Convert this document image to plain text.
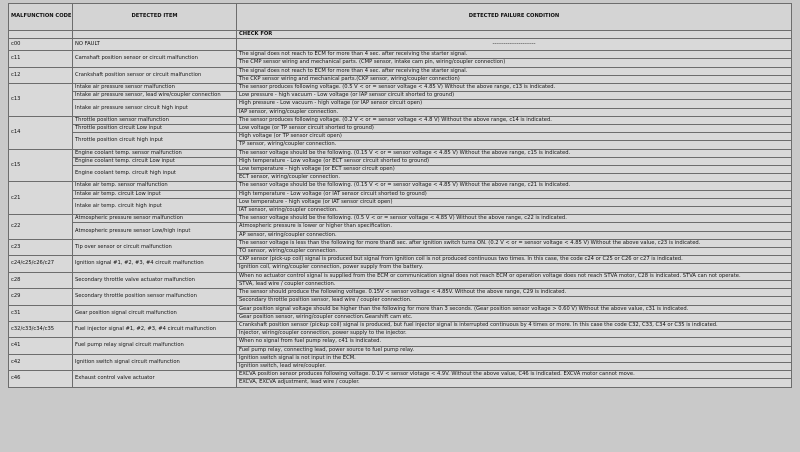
MALFUNCTION CODE	DETECTED ITEM	DETECTED FAILURE CONDITION
		CHECK FOR
c00	NO FAULT	-----------------------
c11	Camshaft position sensor or circuit malfunction	The signal does not reach to ECM for more than 4 sec. after receiving the starter signal.
		The CMP sensor wiring and mechanical parts. (CMP sensor, intake cam pin, wiring/coupler connection)
c12	Crankshaft position sensor or circuit malfunction	The signal does not reach to ECM for more than 4 sec. after receiving the starter signal.
		The CKP sensor wiring and mechanical parts.(CKP sensor, wiring/coupler connection)
c13	Intake air pressure sensor malfunction	The sensor produces following voltage. (0.5 V < or = sensor voltage < 4.85 V) Without the above range, c13 is indicated.
	Intake air pressure sensor, lead wire/coupler connection	Low pressure - high vacuum - Low voltage (or IAP sensor circuit shorted to ground)
	Intake air pressure sensor circuit high input	High pressure - Low vacuum - high voltage (or IAP sensor circuit open)
		IAP sensor, wiring/coupler connection.
c14	Throttle position sensor malfunction	The sensor produces following voltage. (0.2 V < or = sensor voltage < 4.8 V) Without the above range, c14 is indicated.
	Throttle position circuit Low input	Low voltage (or TP sensor circuit shorted to ground)
	Throttle position circuit high input	High voltage (or TP sensor circuit open)
		TP sensor, wiring/coupler connection.
c15	Engine coolant temp. sensor malfunction	The sensor voltage should be the following. (0.15 V < or = sensor voltage < 4.85 V) Without the above range, c15 is indicated.
	Engine coolant temp. circuit Low input	High temperature - Low voltage (or ECT sensor circuit shorted to ground)
	Engine coolant temp. circuit high input	Low temperature - high voltage (or ECT sensor circuit open)
		ECT sensor, wiring/coupler connection.
c21	Intake air temp. sensor malfunction	The sensor voltage should be the following. (0.15 V < or = sensor voltage < 4.85 V) Without the above range, c21 is indicated.
	Intake air temp. circuit Low input	High temperature - Low voltage (or IAT sensor circuit shorted to ground)
	Intake air temp. circuit high input	Low temperature - high voltage (or IAT sensor circuit open)
		IAT sensor, wiring/coupler connection.
c22	Atmospheric pressure sensor malfunction	The sensor voltage should be the following. (0.5 V < or = sensor voltage < 4.85 V) Without the above range, c22 is indicated.
	Atmospheric pressure sensor Low/high input	Atmospheric pressure is lower or higher than specification.
		AP sensor, wiring/coupler connection.
c23	Tip over sensor or circuit malfunction	The sensor voltage is less than the following for more than8 sec. after ignition switch turns ON. (0.2 V < or = sensor voltage < 4.85 V) Without the above value, c23 is indicated.
		TO sensor, wiring/coupler connection.
c24/c25/c26/c27	Ignition signal #1, #2, #3, #4 circuit malfunction	CKP sensor (pick-up coil) signal is produced but signal from ignition coil is not produced continuous two times. In this case, the code c24 or C25 or C26 or c27 is indicated.
		Ignition coil, wiring/coupler connection, power supply from the battery.
c28	Secondary throttle valve actuator malfunction	When no actuator control signal is supplied from the ECM or communication signal does not reach ECM or operation voltage does not reach STVA motor, C28 is indicated. STVA can not operate.
		STVA, lead wire / coupler connection.
c29	Secondary throttle position sensor malfunction	The sensor should produce the following voltage. 0.15V < sensor voltage < 4.85V. Without the above range, C29 is indicated.
		Secondary throttle position sensor, lead wire / coupler connection.
c31	Gear position signal circuit malfunction	Gear position signal voltage should be higher than the following for more than 3 seconds. (Gear position sensor voltage > 0.60 V) Without the above value, c31 is indicated.
		Gear position sensor, wiring/coupler connection.Gearshift cam etc.
c32/c33/c34/c35	Fuel injector signal #1, #2, #3, #4 circuit malfunction	Crankshaft position sensor (pickup coil) signal is produced, but fuel injector signal is interrupted continuous by 4 times or more. In this case the code C32, C33, C34 or C35 is indicated.
		Injector, wiring/coupler connection, power supply to the injector.
c41	Fuel pump relay signal circuit malfunction	When no signal from fuel pump relay, c41 is indicated.
		Fuel pump relay, connecting lead, power source to fuel pump relay.
c42	Ignition switch signal circuit malfunction	Ignition switch signal is not input in the ECM.
		Ignition switch, lead wire/coupler.
c46	Exhaust control valve actuator	EXCVA position sensor produces following voltage. 0.1V < sensor vlotage < 4.9V. Without the above value, C46 is indicated. EXCVA motor cannot move.
		EXCVA, EXCVA adjustment, lead wire / coupler.
